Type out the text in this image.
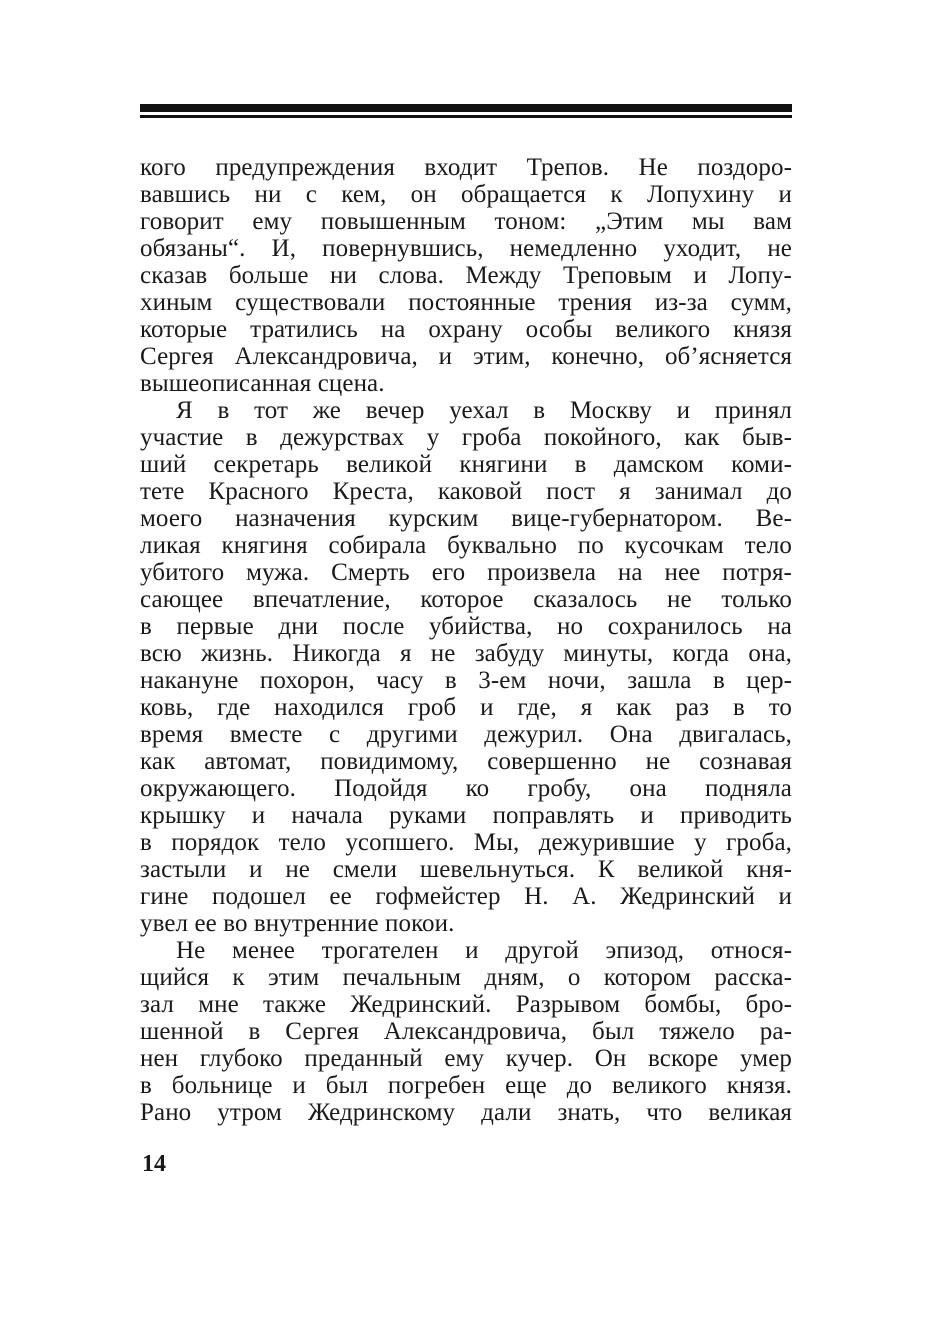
кого предупреждения входит Трепов. Не поздоро-
вавшись ни с кем, он обращается к Лопухину и
говорит ему повышенным тоном: „Этим мы вам
обязаны“. И, повернувшись, немедленно уходит, не
сказав больше ни слова. Между Треповым и Лопу-
хиным существовали постоянные трения из-за сумм,
которые тратились на охрану особы великого князя
Сергея Александровича, и этим, конечно, об’ясняется
вышеописанная сцена.
Я в тот же вечер уехал в Москву и принял
участие в дежурствах у гроба покойного, как быв-
ший секретарь великой княгини в дамском коми-
тете Красного Креста, каковой пост я занимал до
моего назначения курским вице-губернатором. Ве-
ликая княгиня собирала буквально по кусочкам тело
убитого мужа. Смерть его произвела на нее потря-
сающее впечатление, которое сказалось не только
в первые дни после убийства, но сохранилось на
всю жизнь. Никогда я не забуду минуты, когда она,
накануне похорон, часу в 3-ем ночи, зашла в цер-
ковь, где находился гроб и где, я как раз в то
время вместе с другими дежурил. Она двигалась,
как автомат, повидимому, совершенно не сознавая
окружающего. Подойдя ко гробу, она подняла
крышку и начала руками поправлять и приводить
в порядок тело усопшего. Мы, дежурившие у гроба,
застыли и не смели шевельнуться. К великой кня-
гине подошел ее гофмейстер Н. А. Жедринский и
увел ее во внутренние покои.
Не менее трогателен и другой эпизод, относя-
щийся к этим печальным дням, о котором расска-
зал мне также Жедринский. Разрывом бомбы, бро-
шенной в Сергея Александровича, был тяжело ра-
нен глубоко преданный ему кучер. Он вскоре умер
в больнице и был погребен еще до великого князя.
Рано утром Жедринскому дали знать, что великая
14
